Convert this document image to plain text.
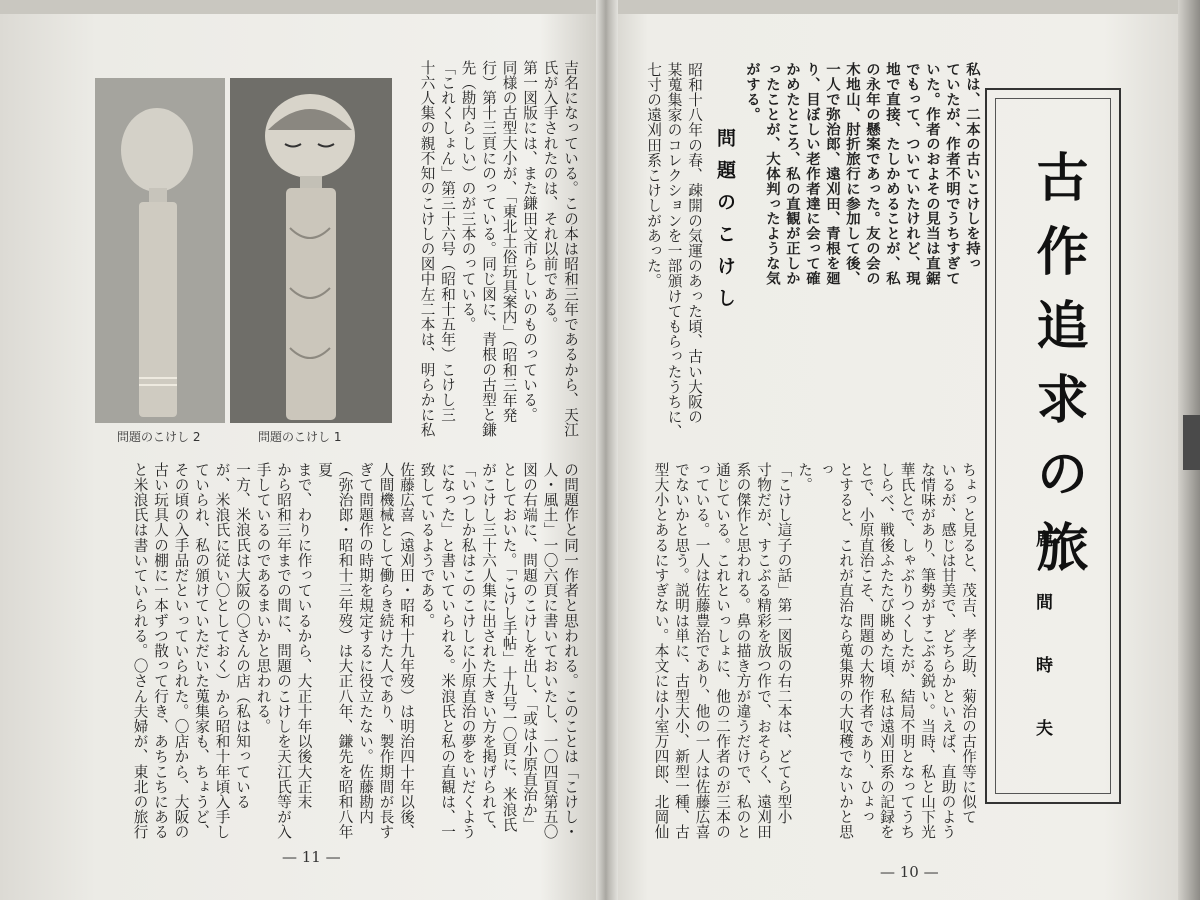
問題のこけし 2	問題のこけし 1	吉名になっている。この本は昭和三年であるから、天江
氏が入手されたのは、それ以前である。
第一図版には、また鎌田文市らしいのものっている。
同様の古型大小が、「東北土俗玩具案内」（昭和三年発
行）第十三頁にのっている。同じ図に、青根の古型と鎌
先（勘内らしい）のが三本のっている。
「これくしょん」第三十六号（昭和十五年）こけし三
十六人集の親不知のこけしの図中左二本は、明らかに私
の問題作と同一作者と思われる。このことは「こけし・
人・風土」一〇六頁に書いておいたし、一〇四頁第五〇
図の右端に、問題のこけしを出し、「或は小原直治か」
としておいた。「こけし手帖」十九号一〇頁に、米浪氏
がこけし三十六人集に出された大きい方を掲げられて、
「いつしか私はこのこけしに小原直治の夢をいだくよう
になった」と書いていられる。米浪氏と私の直観は、一
致しているようである。
佐藤広喜（遠刈田・昭和十九年歿）は明治四十年以後、
人間機械として働らき続けた人であり、製作期間が長す
ぎて問題作の時期を規定するに役立たない。佐藤勘内
（弥治郎・昭和十三年歿）は大正八年、鎌先を昭和八年夏
まで、わりに作っているから、大正十年以後大正末
から昭和三年までの間に、問題のこけしを天江氏等が入
手しているのであるまいかと思われる。
一方、米浪氏は大阪の〇さんの店（私は知っている
が、米浪氏に従い〇としておく）から昭和十年頃入手し
ていられ、私の頒けていただいた蒐集家も、ちょうど、
その頃の入手品だといっていられた。〇店から、大阪の
古い玩具人の棚に一本ずつ散って行き、あちこちにある
と米浪氏は書いていられる。〇さん夫婦が、東北の旅行
— 11 —
古作追求の旅
鹿間時夫
私は、二本の古いこけしを持っ
ていたが、作者不明でうちすぎて
いた。作者のおよその見当は直鋸
でもって、ついていたけれど、現
地で直接、たしかめることが、私
の永年の懸案であった。友の会の
木地山、肘折旅行に参加して後、
一人で弥治郎、遠刈田、青根を廻
り、目ぼしい老作者達に会って確
かめたところ、私の直観が正しか
ったことが、大体判ったような気
がする。
問題のこけし
昭和十八年の春、疎開の気運のあった頃、古い大阪の
某蒐集家のコレクションを一部頒けてもらったうちに、
七寸の遠刈田系こけしがあった。
ちょっと見ると、茂吉、孝之助、菊治の古作等に似て
いるが、感じは甘美で、どちらかといえば、直助のよう
な情味があり、筆勢がすこぶる鋭い。当時、私と山下光
華氏とで、しゃぶりつくしたが、結局不明となってうち
しらべ、戦後ふたたび眺めた頃、私は遠刈田系の記録を
とで、小原直治こそ、問題の大物作者であり、ひょっ
とすると、これが直治なら蒐集界の大収穫でないかと思っ
た。
「こけし這子の話」第一図版の右二本は、どてら型小
寸物だが、すこぶる精彩を放つ作で、おそらく、遠刈田
系の傑作と思われる。鼻の描き方が違うだけで、私のと
通じている。これといっしょに、他の二作者のが三本の
っている。一人は佐藤豊治であり、他の一人は佐藤広喜
でないかと思う。説明は単に、古型大小、新型一種、古
型大小とあるにすぎない。本文には小室万四郎、北岡仙
— 10 —
